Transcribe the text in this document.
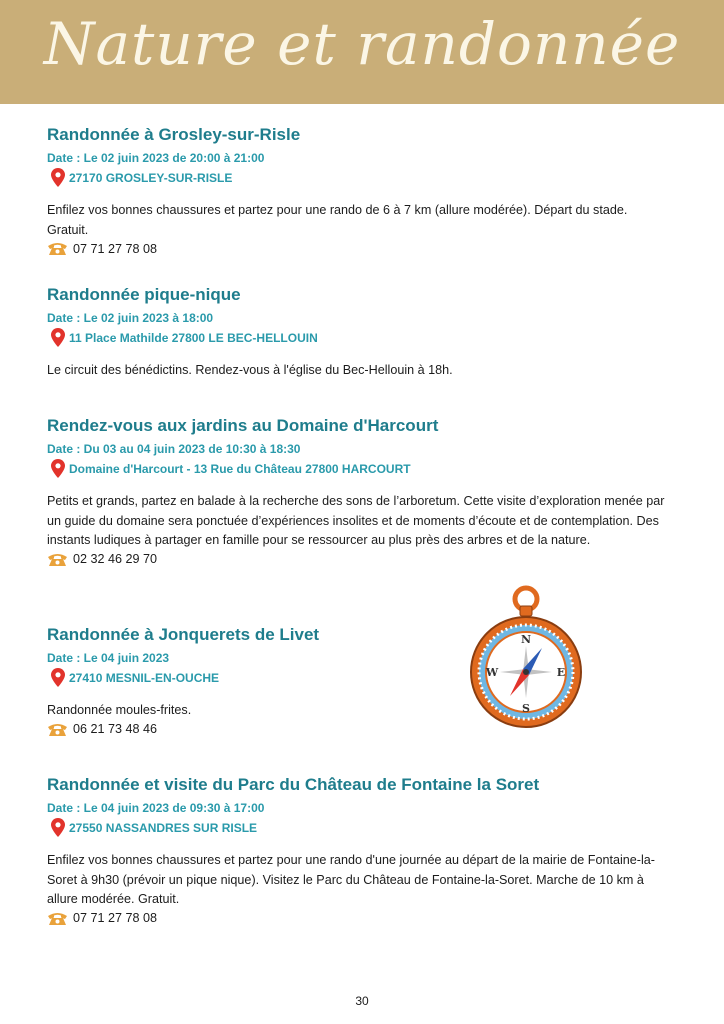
Nature et randonnée
Randonnée à Grosley-sur-Risle
Date : Le 02 juin 2023 de 20:00 à 21:00
27170 GROSLEY-SUR-RISLE
Enfilez vos bonnes chaussures et partez pour une rando de 6 à 7 km (allure modérée). Départ du stade. Gratuit.
07 71 27 78 08
Randonnée pique-nique
Date : Le 02 juin 2023 à 18:00
11 Place Mathilde 27800 LE BEC-HELLOUIN
Le circuit des bénédictins. Rendez-vous à l'église du Bec-Hellouin à 18h.
Rendez-vous aux jardins au Domaine d'Harcourt
Date : Du 03 au 04 juin 2023 de 10:30 à 18:30
Domaine d'Harcourt - 13 Rue du Château 27800 HARCOURT
Petits et grands, partez en balade à la recherche des sons de l’arboretum. Cette visite d’exploration menée par un guide du domaine sera ponctuée d’expériences insolites et de moments d’écoute et de contemplation. Des instants ludiques à partager en famille pour se ressourcer au plus près des arbres et de la nature.
02 32 46 29 70
Randonnée à Jonquerets de Livet
Date : Le 04 juin 2023
27410 MESNIL-EN-OUCHE
Randonnée moules-frites.
06 21 73 48 46
N
S
E
W
Randonnée et visite du Parc du Château de Fontaine la Soret
Date : Le 04 juin 2023 de 09:30 à 17:00
27550 NASSANDRES SUR RISLE
Enfilez vos bonnes chaussures et partez pour une rando d'une journée au départ de la mairie de Fontaine-la-Soret à 9h30 (prévoir un pique nique). Visitez le Parc du Château de Fontaine-la-Soret. Marche de 10 km à allure modérée. Gratuit.
07 71 27 78 08
30
